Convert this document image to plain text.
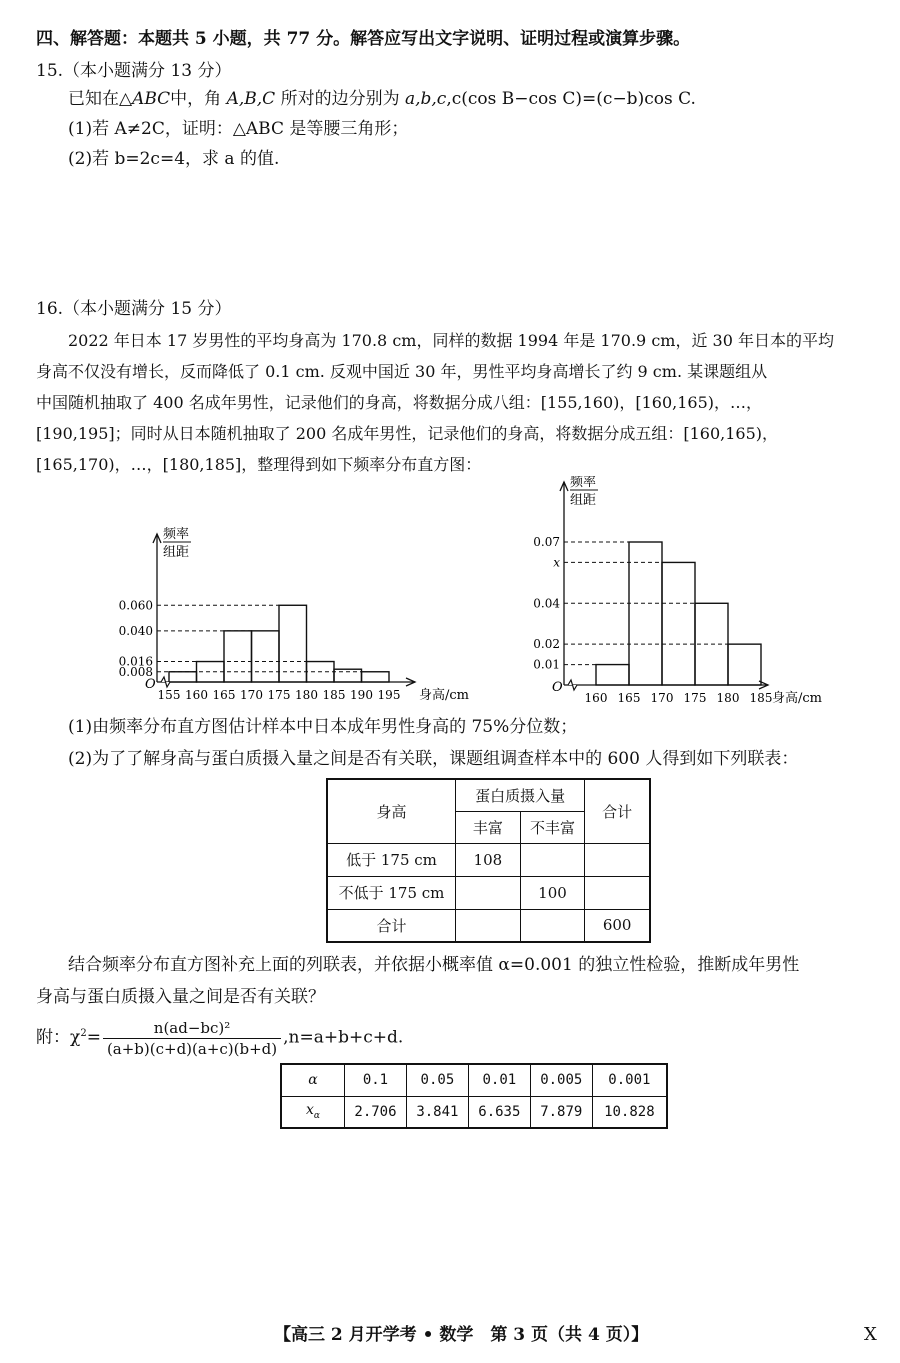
四、解答题：本题共 5 小题，共 77 分。解答应写出文字说明、证明过程或演算步骤。
15.（本小题满分 13 分）
已知在△ABC中，角 A,B,C 所对的边分别为 a,b,c,c(cos B−cos C)=(c−b)cos C.
(1)若 A≠2C，证明：△ABC 是等腰三角形；
(2)若 b=2c=4，求 a 的值.
16.（本小题满分 15 分）
2022 年日本 17 岁男性的平均身高为 170.8 cm，同样的数据 1994 年是 170.9 cm，近 30 年日本的平均
身高不仅没有增长，反而降低了 0.1 cm. 反观中国近 30 年，男性平均身高增长了约 9 cm. 某课题组从
中国随机抽取了 400 名成年男性，记录他们的身高，将数据分成八组：[155,160)，[160,165)，…，
[190,195]；同时从日本随机抽取了 200 名成年男性，记录他们的身高，将数据分成五组：[160,165)，
[165,170)，…，[180,185]，整理得到如下频率分布直方图：
0.060
0.040
0.016
0.008
O
155 160 165 170 175 180 185 190 195 身高/cm
频率
组距
0.07
x
0.04
0.02
0.01
O
160 165 170 175 180 185 身高/cm
频率
组距
(1)由频率分布直方图估计样本中日本成年男性身高的 75%分位数；
(2)为了了解身高与蛋白质摄入量之间是否有关联，课题组调查样本中的 600 人得到如下列联表：
身高	蛋白质摄入量		合计
	丰富	不丰富	
低于 175 cm	108		
不低于 175 cm		100	
合计			600
结合频率分布直方图补充上面的列联表，并依据小概率值 α=0.001 的独立性检验，推断成年男性
身高与蛋白质摄入量之间是否有关联？
附：$\chi^2= \frac{\text{n(ad−bc)²}}{(a+b)(c+d)(a+c)(b+d)} ,n=a+b+c+d$.
α	0.1	0.05	0.01	0.005	0.001
$x_\alpha$	2.706	3.841	6.635	7.879	10.828
【高三 2 月开学考 • 数学　第 3 页（共 4 页）】	X
